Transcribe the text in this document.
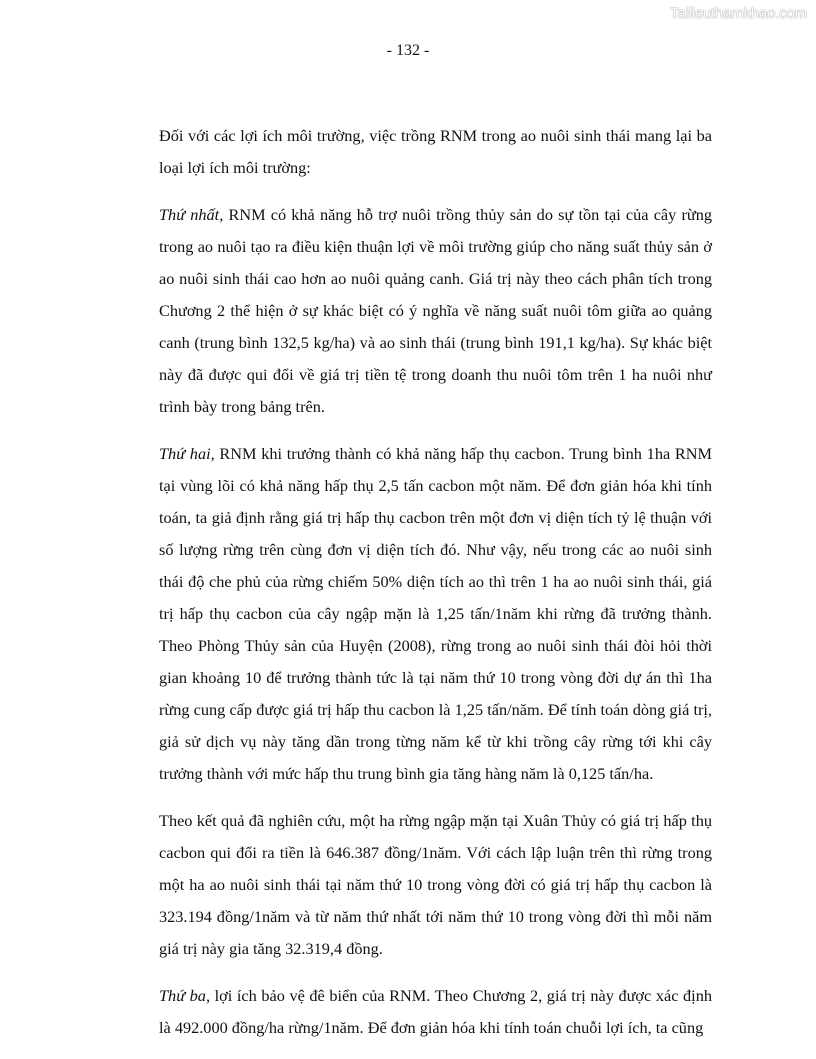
Tailieuthamkhao.com
- 132 -

Đối với các lợi ích môi trường, việc trồng RNM trong ao nuôi sinh thái mang lại ba loại lợi ích môi trường:

Thứ nhất, RNM có khả năng hỗ trợ nuôi trồng thủy sản do sự tồn tại của cây rừng trong ao nuôi tạo ra điều kiện thuận lợi về môi trường giúp cho năng suất thủy sản ở ao nuôi sinh thái cao hơn ao nuôi quảng canh. Giá trị này theo cách phân tích trong Chương 2 thể hiện ở sự khác biệt có ý nghĩa về năng suất nuôi tôm giữa ao quảng canh (trung bình 132,5 kg/ha) và ao sinh thái (trung bình 191,1 kg/ha). Sự khác biệt này đã được qui đổi về giá trị tiền tệ trong doanh thu nuôi tôm trên 1 ha nuôi như trình bày trong bảng trên.

Thứ hai, RNM khi trưởng thành có khả năng hấp thụ cacbon. Trung bình 1ha RNM tại vùng lõi có khả năng hấp thụ 2,5 tấn cacbon một năm. Để đơn giản hóa khi tính toán, ta giả định rằng giá trị hấp thụ cacbon trên một đơn vị diện tích tỷ lệ thuận với số lượng rừng trên cùng đơn vị diện tích đó. Như vậy, nếu trong các ao nuôi sinh thái độ che phủ của rừng chiếm 50% diện tích ao thì trên 1 ha ao nuôi sinh thái, giá trị hấp thụ cacbon của cây ngập mặn là 1,25 tấn/1năm khi rừng đã trưởng thành. Theo Phòng Thủy sản của Huyện (2008), rừng trong ao nuôi sinh thái đòi hỏi thời gian khoảng 10 để trưởng thành tức là tại năm thứ 10 trong vòng đời dự án thì 1ha rừng cung cấp được giá trị hấp thu cacbon là 1,25 tấn/năm. Để tính toán dòng giá trị, giả sử dịch vụ này tăng dần trong từng năm kể từ khi trồng cây rừng tới khi cây trưởng thành với mức hấp thu trung bình gia tăng hàng năm là 0,125 tấn/ha.

Theo kết quả đã nghiên cứu, một ha rừng ngập mặn tại Xuân Thủy có giá trị hấp thụ cacbon qui đổi ra tiền là 646.387 đồng/1năm. Với cách lập luận trên thì rừng trong một ha ao nuôi sinh thái tại năm thứ 10 trong vòng đời có giá trị hấp thụ cacbon là 323.194 đồng/1năm và từ năm thứ nhất tới năm thứ 10 trong vòng đời thì mỗi năm giá trị này gia tăng 32.319,4 đồng.

Thứ ba, lợi ích bảo vệ đê biển của RNM. Theo Chương 2, giá trị này được xác định là 492.000 đồng/ha rừng/1năm. Để đơn giản hóa khi tính toán chuỗi lợi ích, ta cũng
